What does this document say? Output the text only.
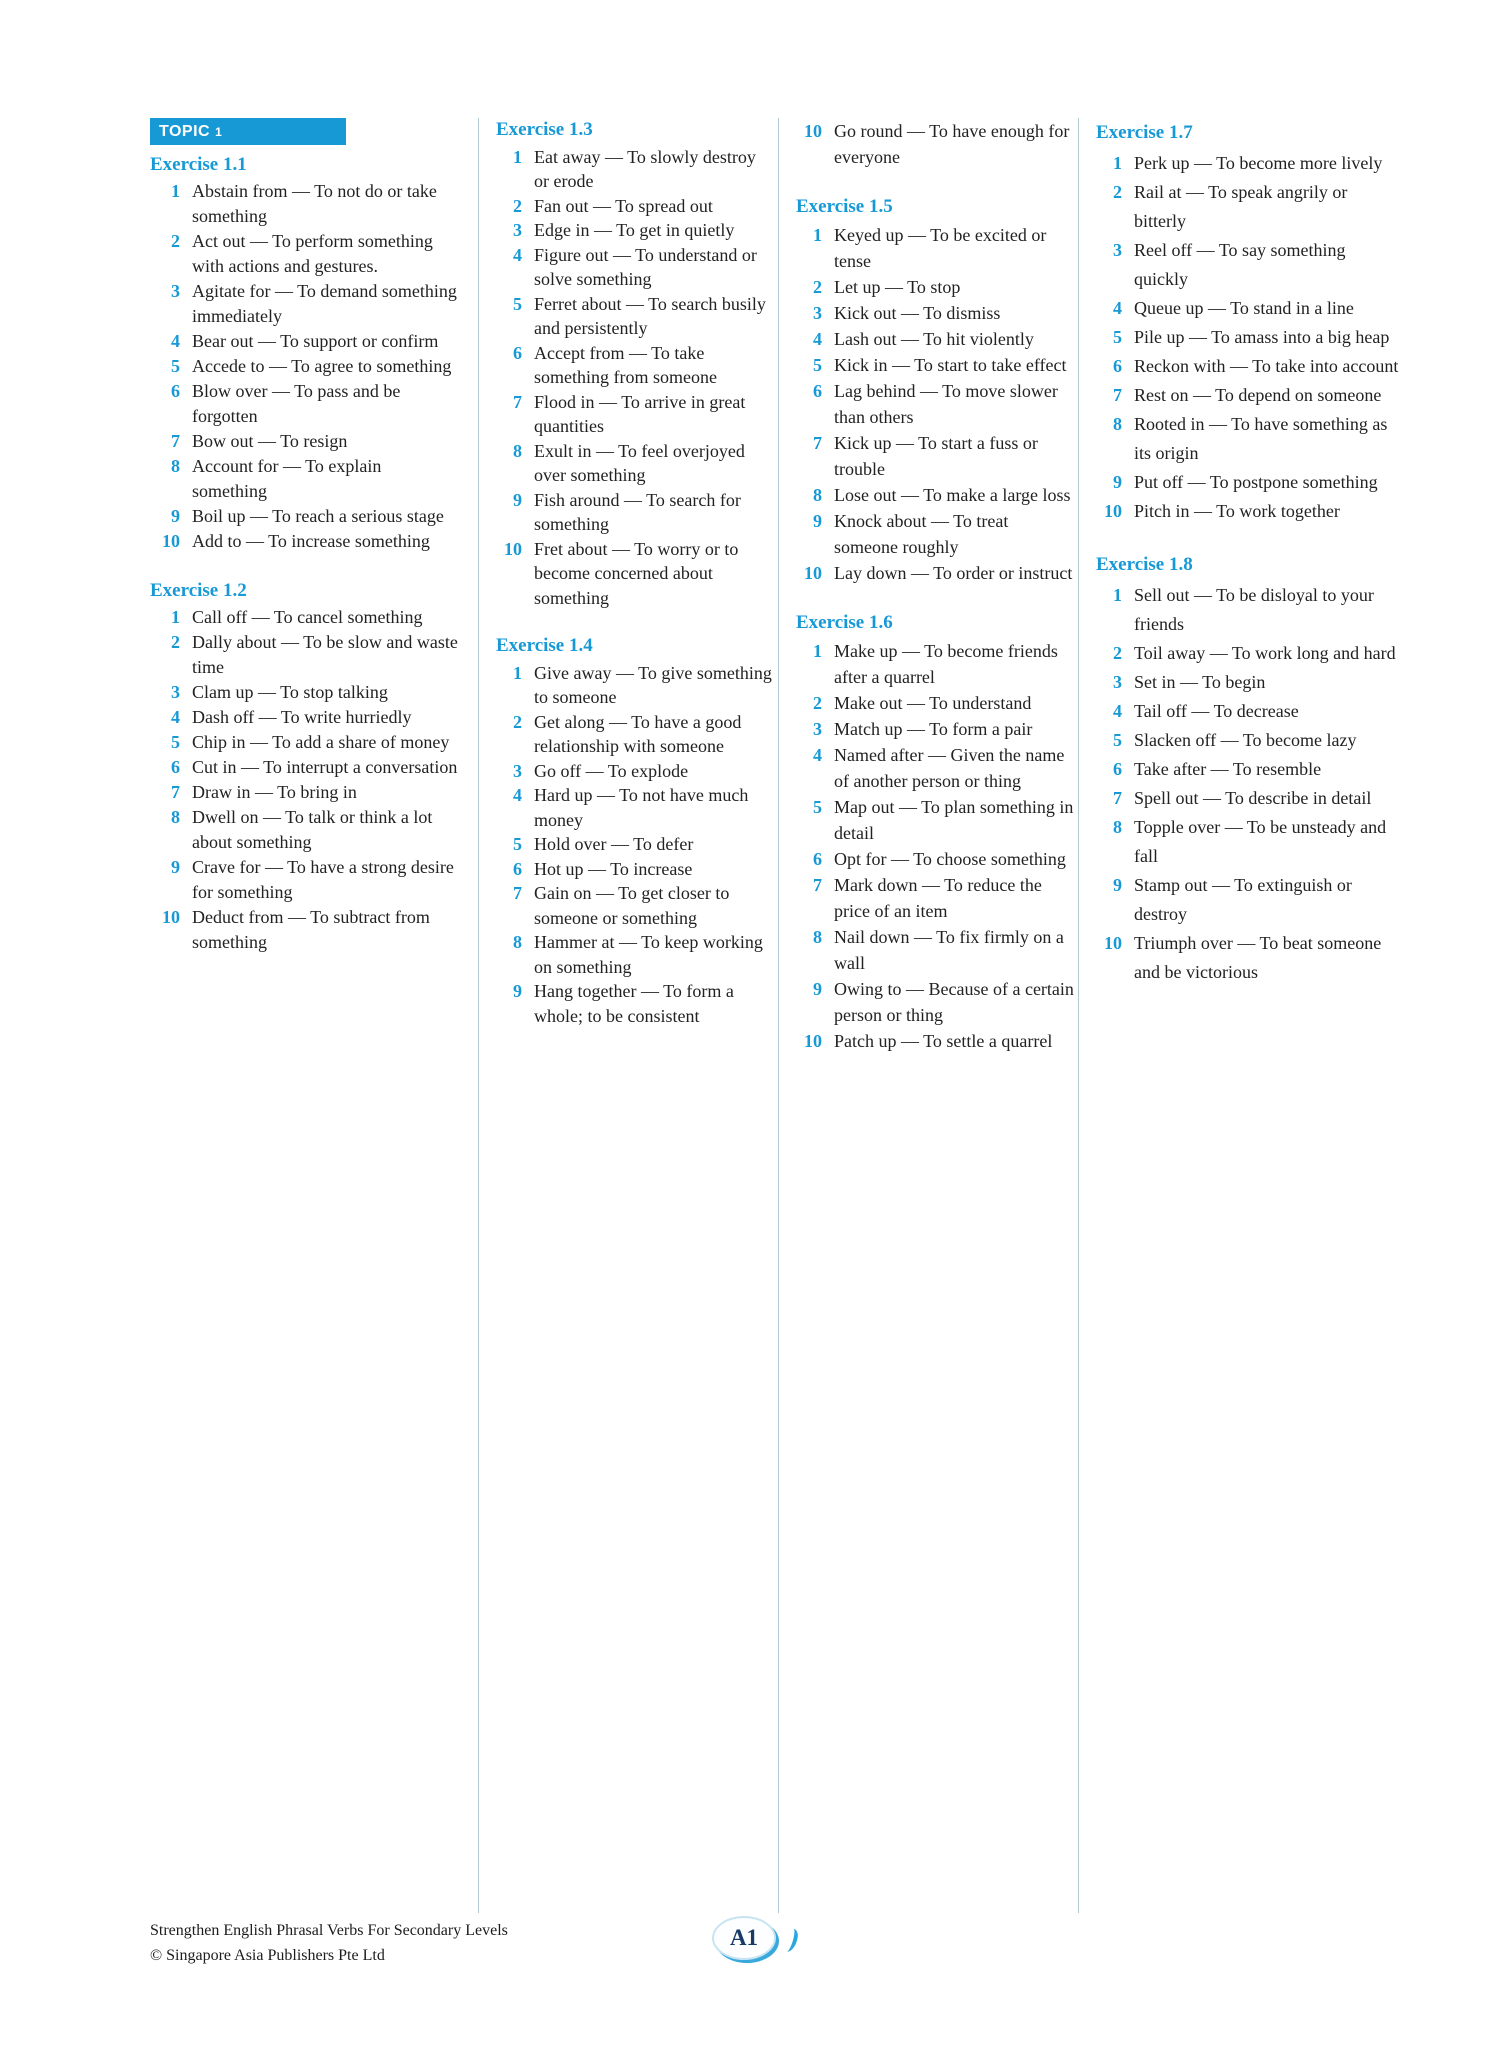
TOPIC 1
Exercise 1.1
1 Abstain from — To not do or take something
2 Act out — To perform something with actions and gestures.
3 Agitate for — To demand something immediately
4 Bear out — To support or confirm
5 Accede to — To agree to something
6 Blow over — To pass and be forgotten
7 Bow out — To resign
8 Account for — To explain something
9 Boil up — To reach a serious stage
10 Add to — To increase something
Exercise 1.2
1 Call off — To cancel something
2 Dally about — To be slow and waste time
3 Clam up — To stop talking
4 Dash off — To write hurriedly
5 Chip in — To add a share of money
6 Cut in — To interrupt a conversation
7 Draw in — To bring in
8 Dwell on — To talk or think a lot about something
9 Crave for — To have a strong desire for something
10 Deduct from — To subtract from something
Exercise 1.3
1 Eat away — To slowly destroy or erode
2 Fan out — To spread out
3 Edge in — To get in quietly
4 Figure out — To understand or solve something
5 Ferret about — To search busily and persistently
6 Accept from — To take something from someone
7 Flood in — To arrive in great quantities
8 Exult in — To feel overjoyed over something
9 Fish around — To search for something
10 Fret about — To worry or to become concerned about something
Exercise 1.4
1 Give away — To give something to someone
2 Get along — To have a good relationship with someone
3 Go off — To explode
4 Hard up — To not have much money
5 Hold over — To defer
6 Hot up — To increase
7 Gain on — To get closer to someone or something
8 Hammer at — To keep working on something
9 Hang together — To form a whole; to be consistent
10 Go round — To have enough for everyone
Exercise 1.5
1 Keyed up — To be excited or tense
2 Let up — To stop
3 Kick out — To dismiss
4 Lash out — To hit violently
5 Kick in — To start to take effect
6 Lag behind — To move slower than others
7 Kick up — To start a fuss or trouble
8 Lose out — To make a large loss
9 Knock about — To treat someone roughly
10 Lay down — To order or instruct
Exercise 1.6
1 Make up — To become friends after a quarrel
2 Make out — To understand
3 Match up — To form a pair
4 Named after — Given the name of another person or thing
5 Map out — To plan something in detail
6 Opt for — To choose something
7 Mark down — To reduce the price of an item
8 Nail down — To fix firmly on a wall
9 Owing to — Because of a certain person or thing
10 Patch up — To settle a quarrel
Exercise 1.7
1 Perk up — To become more lively
2 Rail at — To speak angrily or bitterly
3 Reel off — To say something quickly
4 Queue up — To stand in a line
5 Pile up — To amass into a big heap
6 Reckon with — To take into account
7 Rest on — To depend on someone
8 Rooted in — To have something as its origin
9 Put off — To postpone something
10 Pitch in — To work together
Exercise 1.8
1 Sell out — To be disloyal to your friends
2 Toil away — To work long and hard
3 Set in — To begin
4 Tail off — To decrease
5 Slacken off — To become lazy
6 Take after — To resemble
7 Spell out — To describe in detail
8 Topple over — To be unsteady and fall
9 Stamp out — To extinguish or destroy
10 Triumph over — To beat someone and be victorious
Strengthen English Phrasal Verbs For Secondary Levels
© Singapore Asia Publishers Pte Ltd
A1
